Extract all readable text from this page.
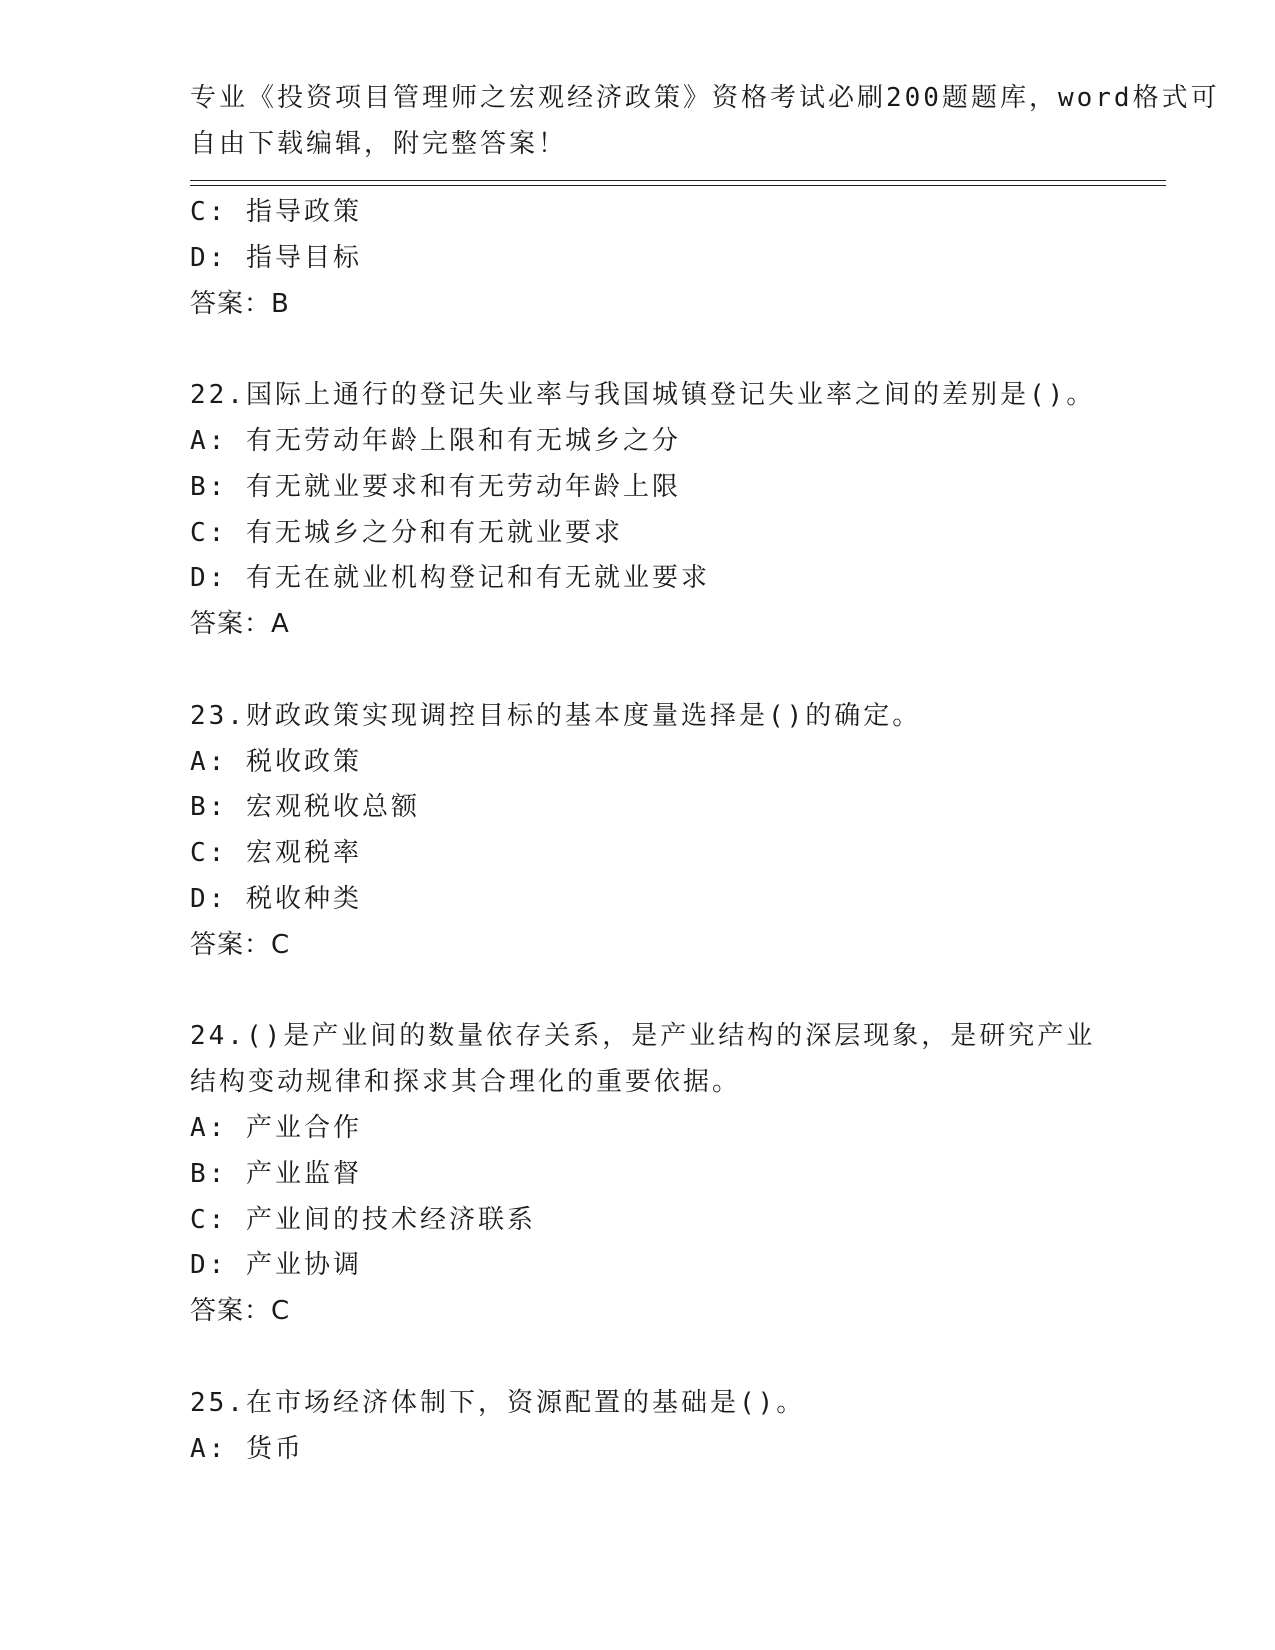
专业《投资项目管理师之宏观经济政策》资格考试必刷200题题库，word格式可
自由下载编辑，附完整答案！
C: 指导政策
D: 指导目标
答案：B
22.国际上通行的登记失业率与我国城镇登记失业率之间的差别是()。
A: 有无劳动年龄上限和有无城乡之分
B: 有无就业要求和有无劳动年龄上限
C: 有无城乡之分和有无就业要求
D: 有无在就业机构登记和有无就业要求
答案：A
23.财政政策实现调控目标的基本度量选择是()的确定。
A: 税收政策
B: 宏观税收总额
C: 宏观税率
D: 税收种类
答案：C
24.()是产业间的数量依存关系，是产业结构的深层现象，是研究产业
结构变动规律和探求其合理化的重要依据。
A: 产业合作
B: 产业监督
C: 产业间的技术经济联系
D: 产业协调
答案：C
25.在市场经济体制下，资源配置的基础是()。
A: 货币
